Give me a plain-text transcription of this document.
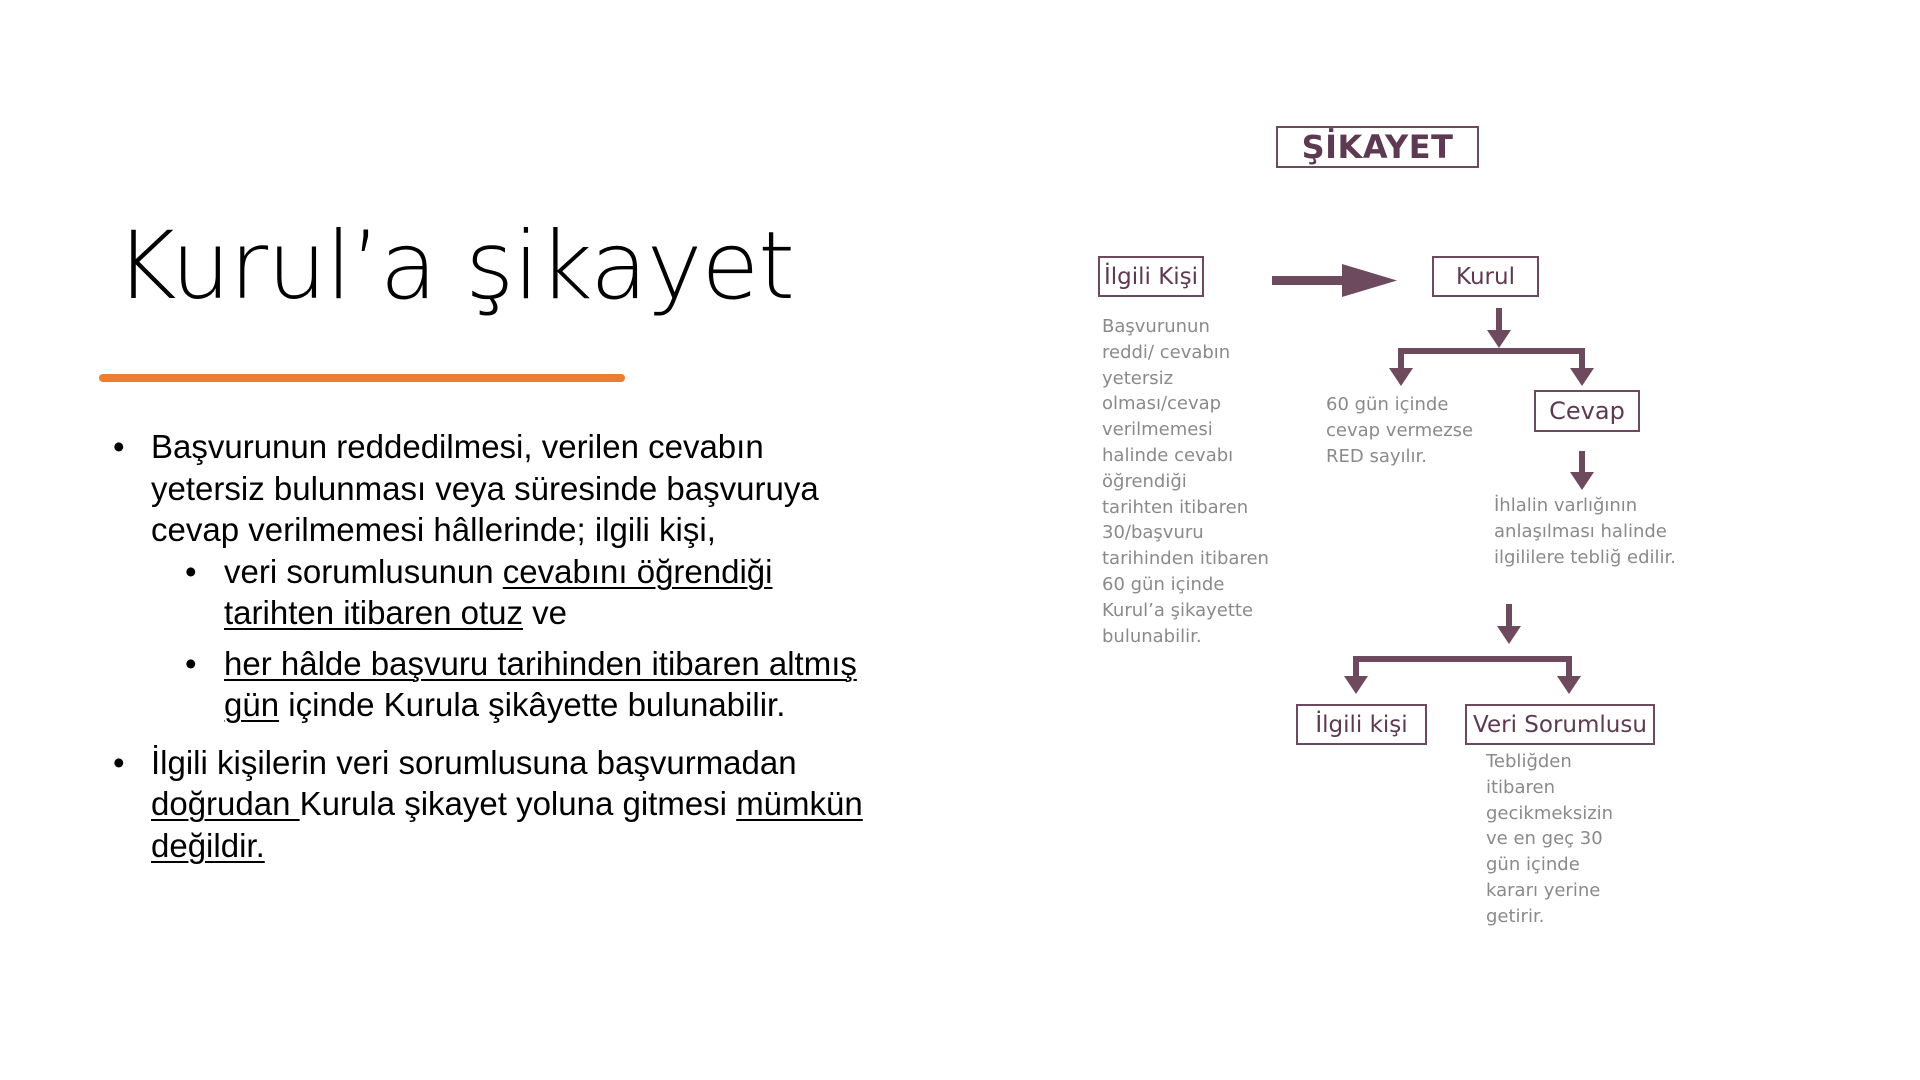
Kurul’a şikayet
• Başvurunun reddedilmesi, verilen cevabın yetersiz bulunması veya süresinde başvuruya cevap verilmemesi hâllerinde; ilgili kişi,
• veri sorumlusunun cevabını öğrendiği tarihten itibaren otuz ve
• her hâlde başvuru tarihinden itibaren altmış gün içinde Kurula şikâyette bulunabilir.
• İlgili kişilerin veri sorumlusuna başvurmadan doğrudan Kurula şikayet yoluna gitmesi mümkün değildir.
ŞİKAYET
İlgili Kişi	Kurul
Cevap
İlgili kişi	Veri Sorumlusu
Başvurunun
reddi/ cevabın
yetersiz
olması/cevap
verilmemesi
halinde cevabı
öğrendiği
tarihten itibaren
30/başvuru
tarihinden itibaren
60 gün içinde
Kurul’a şikayette
bulunabilir.
60 gün içinde
cevap vermezse
RED sayılır.
İhlalin varlığının
anlaşılması halinde
ilgililere tebliğ edilir.
Tebliğden
itibaren
gecikmeksizin
ve en geç 30
gün içinde
kararı yerine
getirir.
